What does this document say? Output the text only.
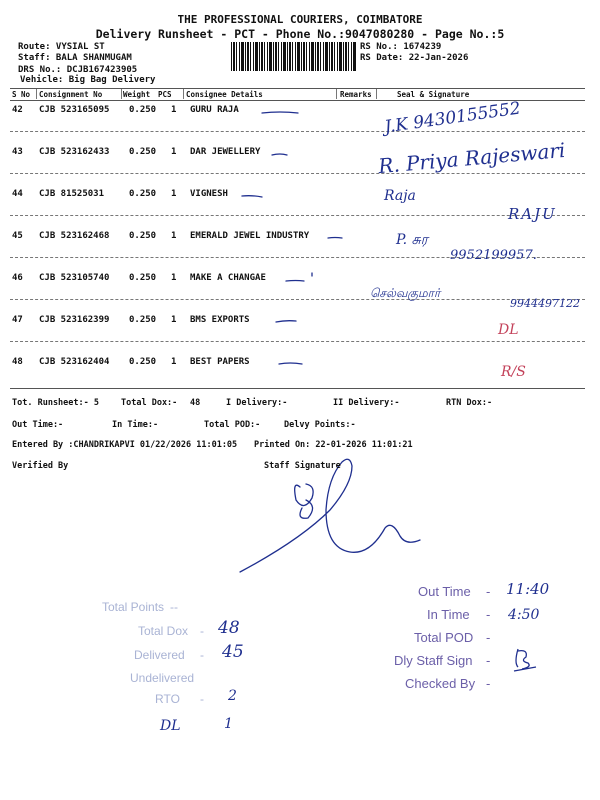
THE PROFESSIONAL COURIERS, COIMBATORE
Delivery Runsheet - PCT - Phone No.:9047080280 - Page No.:5
Route: VYSIAL ST
Staff: BALA SHANMUGAM
DRS No.: DCJB167423905
Vehicle: Big Bag Delivery
RS No.: 1674239
RS Date: 22-Jan-2026
S No Consignment No	Weight PCS Consignee Details	Remarks	Seal & Signature
42 CJB 523165095 0.250 1 GURU RAJA
43 CJB 523162433 0.250 1 DAR JEWELLERY
44 CJB 81525031	0.250 1 VIGNESH
45 CJB 523162468 0.250 1 EMERALD JEWEL INDUSTRY
46 CJB 523105740 0.250 1 MAKE A CHANGAE
47 CJB 523162399 0.250 1 BMS EXPORTS
48 CJB 523162404 0.250 1 BEST PAPERS
J.K 9430155552
R. Priya Rajeswari
Raja
RAJU
P. சுர
9952199957.
செல்வகுமார்
9944497122
DL
R/S
Tot. Runsheet:- 5	Total Dox:- 48	I Delivery:-	II Delivery:-	RTN Dox:-
Out Time:-	In Time:-	Total POD:-	Delvy Points:-
Entered By :CHANDRIKAPVI 01/22/2026 11:01:05 Printed On: 22-01-2026 11:01:21
Verified By	Staff Signature
Out Time - 11:40
In Time - 4:50
Total POD -
Dly Staff Sign -
Checked By -
Total Points --
Total Dox - 48
Delivered - 45
Undelivered
RTO - 2
DL	1
